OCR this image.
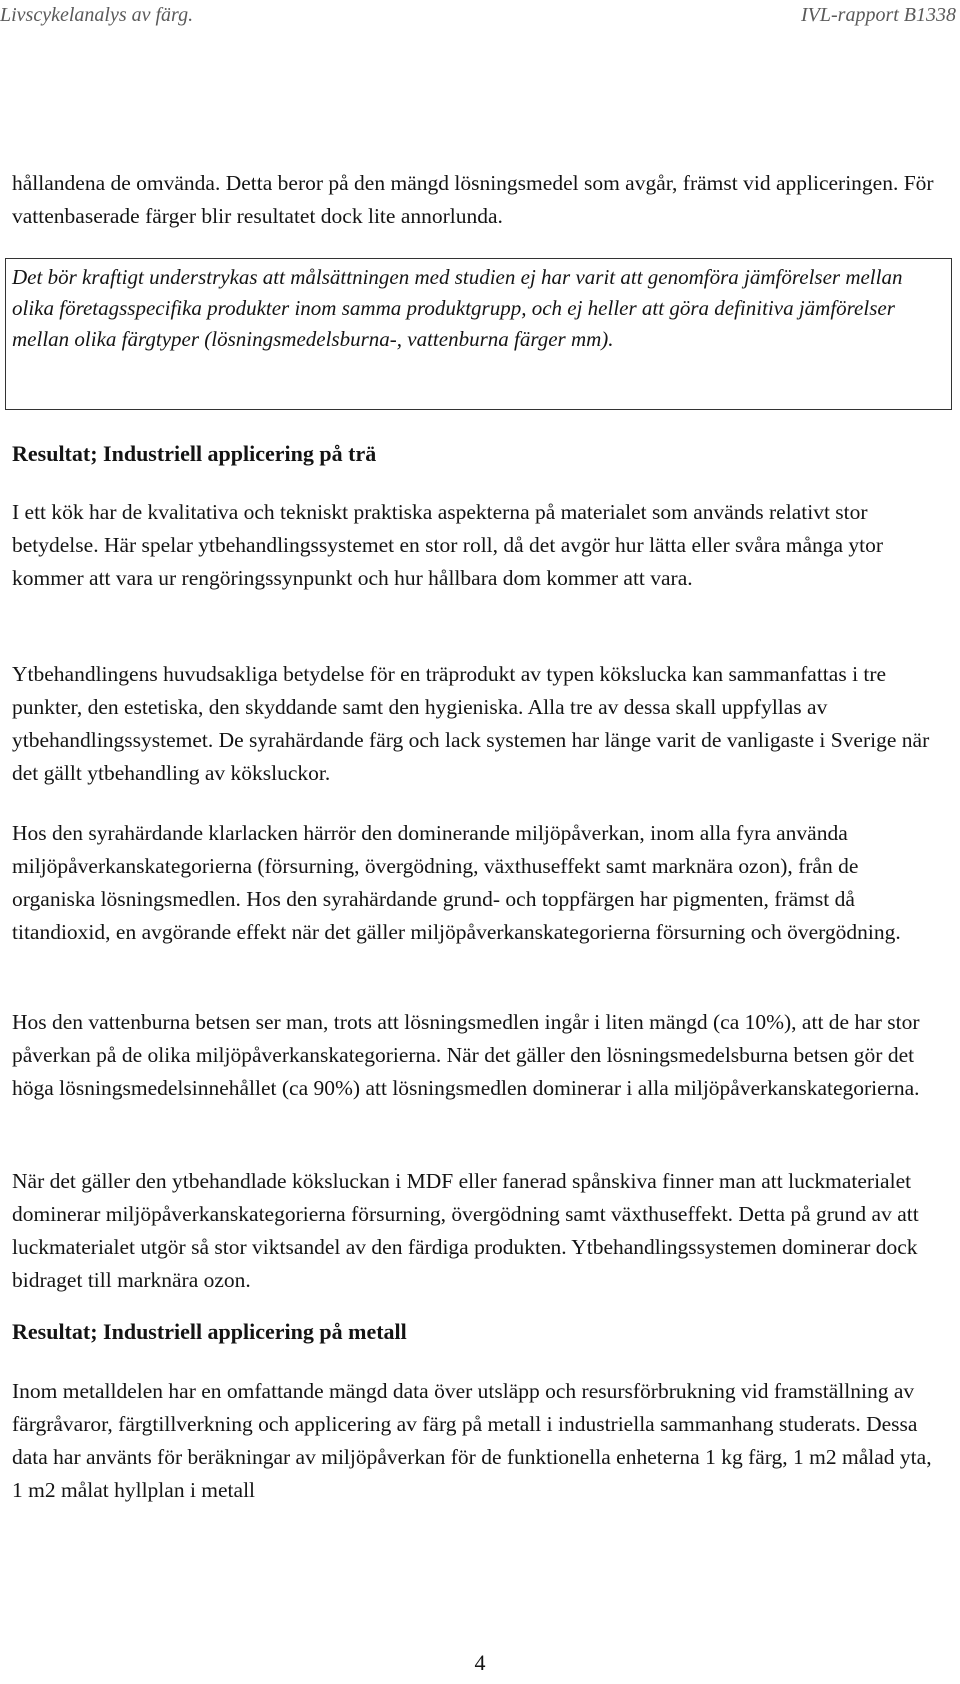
Livscykelanalys av färg.	IVL-rapport B1338

hållandena de omvända. Detta beror på den mängd lösningsmedel som avgår, främst vid appliceringen. För vattenbaserade färger blir resultatet dock lite annorlunda.

Det bör kraftigt understrykas att målsättningen med studien ej har varit att genomföra jämförelser mellan olika företagsspecifika produkter inom samma produktgrupp, och ej heller att göra definitiva jämförelser mellan olika färgtyper (lösningsmedelsburna-, vattenburna färger mm).

Resultat; Industriell applicering på trä

I ett kök har de kvalitativa och tekniskt praktiska aspekterna på materialet som används relativt stor betydelse. Här spelar ytbehandlingssystemet en stor roll, då det avgör hur lätta eller svåra många ytor kommer att vara ur rengöringssynpunkt och hur hållbara dom kommer att vara.

Ytbehandlingens huvudsakliga betydelse för en träprodukt av typen kökslucka kan sammanfattas i tre punkter, den estetiska, den skyddande samt den hygieniska. Alla tre av dessa skall uppfyllas av ytbehandlingssystemet. De syrahärdande färg och lack systemen har länge varit de vanligaste i Sverige när det gällt ytbehandling av köksluckor.

Hos den syrahärdande klarlacken härrör den dominerande miljöpåverkan, inom alla fyra använda miljöpåverkanskategorierna (försurning, övergödning, växthuseffekt samt marknära ozon), från de organiska lösningsmedlen. Hos den syrahärdande grund- och toppfärgen har pigmenten, främst då titandioxid, en avgörande effekt när det gäller miljöpåverkanskategorierna försurning och övergödning.

Hos den vattenburna betsen ser man, trots att lösningsmedlen ingår i liten mängd (ca 10%), att de har stor påverkan på de olika miljöpåverkanskategorierna. När det gäller den lösningsmedelsburna betsen gör det höga lösningsmedelsinnehållet (ca 90%) att lösningsmedlen dominerar i alla miljöpåverkanskategorierna.

När det gäller den ytbehandlade köksluckan i MDF eller fanerad spånskiva finner man att luckmaterialet dominerar miljöpåverkanskategorierna försurning, övergödning samt växthuseffekt. Detta på grund av att luckmaterialet utgör så stor viktsandel av den färdiga produkten. Ytbehandlingssystemen dominerar dock bidraget till marknära ozon.

Resultat; Industriell applicering på metall

Inom metalldelen har en omfattande mängd data över utsläpp och resursförbrukning vid framställning av färgråvaror, färgtillverkning och applicering av färg på metall i industriella sammanhang studerats. Dessa data har använts för beräkningar av miljöpåverkan för de funktionella enheterna 1 kg färg, 1 m2 målad yta, 1 m2 målat hyllplan i metall

4
